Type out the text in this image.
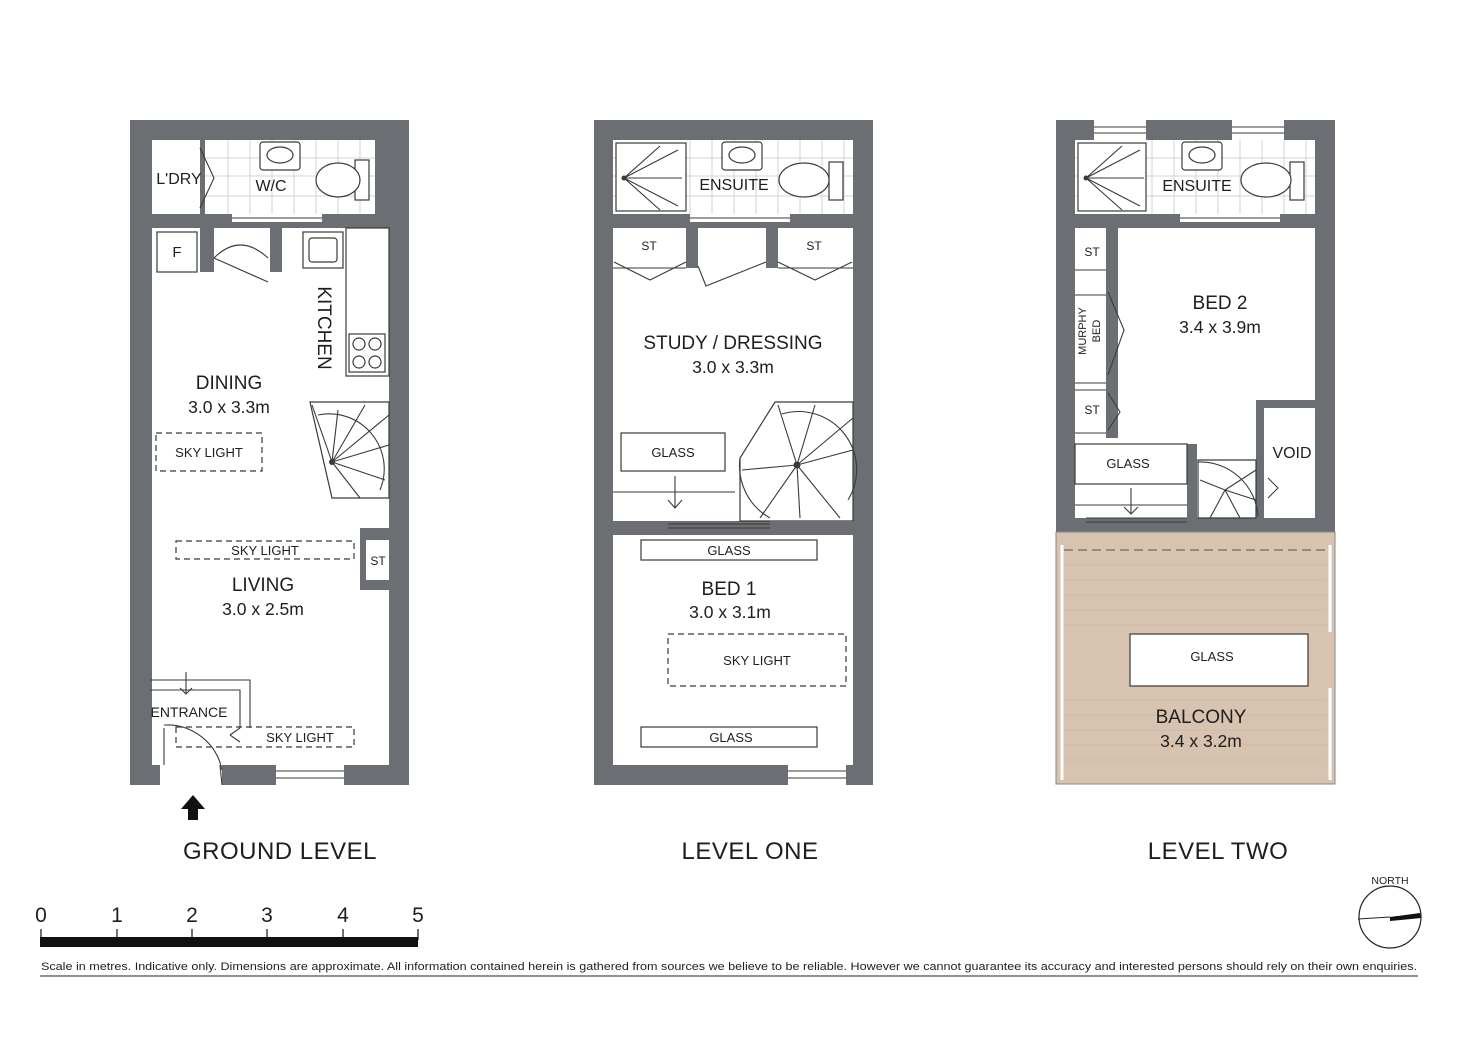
L'DRY	W/C
F
KITCHEN
DINING
3.0 x 3.3m
SKY LIGHT
SKY LIGHT
ST
LIVING
3.0 x 2.5m
ENTRANCE
SKY LIGHT
GROUND LEVEL
ENSUITE
ST	ST
STUDY / DRESSING
3.0 x 3.3m
GLASS
GLASS
BED 1
3.0 x 3.1m
SKY LIGHT
GLASS
LEVEL ONE
ENSUITE
ST
MURPHY BED
ST
BED 2
3.4 x 3.9m
GLASS
VOID
GLASS
BALCONY
3.4 x 3.2m
LEVEL TWO
0	1	2	3	4	5
NORTH
Scale in metres. Indicative only. Dimensions are approximate. All information contained herein is gathered from sources we believe to be reliable. However we cannot guarantee its accuracy and interested persons should rely on their own enquiries.
